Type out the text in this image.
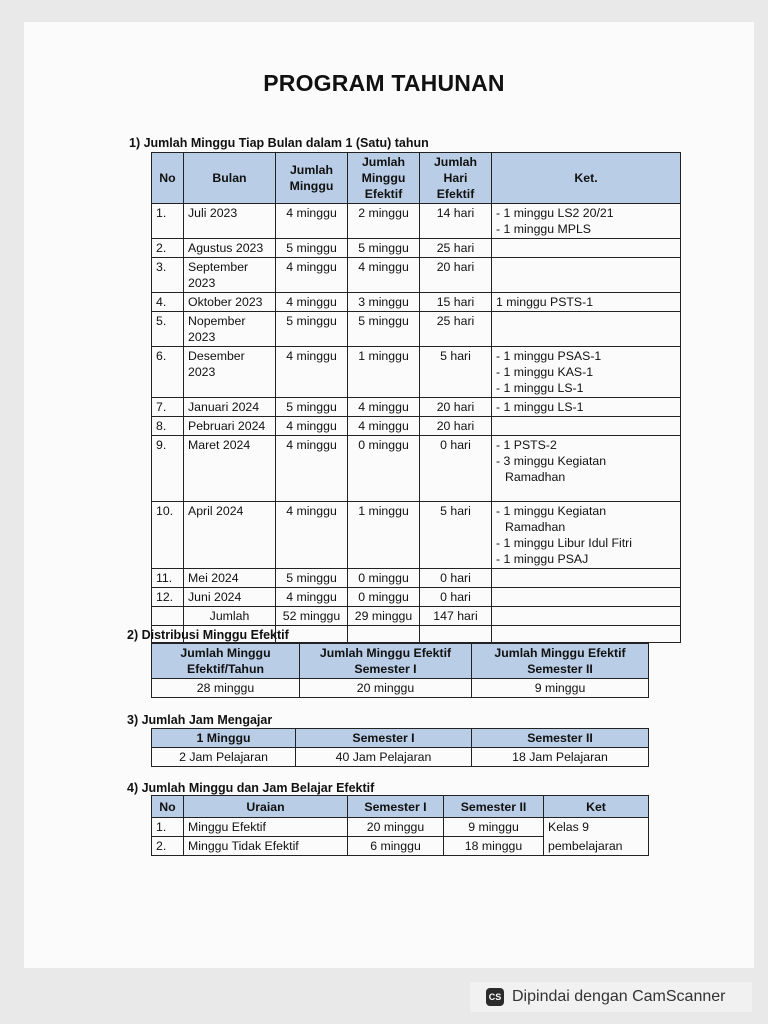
PROGRAM TAHUNAN
1) Jumlah Minggu Tiap Bulan dalam 1 (Satu) tahun
No	Bulan	Jumlah Minggu	Jumlah Minggu Efektif	Jumlah Hari Efektif	Ket.
1.	Juli 2023	4 minggu	2 minggu	14 hari	- 1 minggu LS2 20/21
- 1 minggu MPLS

2.	Agustus 2023	5 minggu	5 minggu	25 hari	
3.	September 2023	4 minggu	4 minggu	20 hari	
4.	Oktober 2023	4 minggu	3 minggu	15 hari	1 minggu PSTS-1

5.	Nopember 2023	5 minggu	5 minggu	25 hari	
6.	Desember 2023	4 minggu	1 minggu	5 hari	- 1 minggu PSAS-1
- 1 minggu KAS-1
- 1 minggu LS-1

7.	Januari 2024	5 minggu	4 minggu	20 hari	- 1 minggu LS-1

8.	Pebruari 2024	4 minggu	4 minggu	20 hari	
9.	Maret 2024	4 minggu	0 minggu	0 hari	- 1 PSTS-2
- 3 minggu Kegiatan
Ramadhan

10.	April 2024	4 minggu	1 minggu	5 hari	- 1 minggu Kegiatan
Ramadhan
- 1 minggu Libur Idul Fitri
- 1 minggu PSAJ

11.	Mei 2024	5 minggu	0 minggu	0 hari	
12.	Juni 2024	4 minggu	0 minggu	0 hari	
	Jumlah	52 minggu	29 minggu	147 hari	

2) Distribusi Minggu Efektif
Jumlah Minggu Efektif/Tahun	Jumlah Minggu Efektif Semester I	Jumlah Minggu Efektif Semester II
28 minggu	20 minggu	9 minggu
3) Jumlah Jam Mengajar
1 Minggu	Semester I	Semester II
2 Jam Pelajaran	40 Jam Pelajaran	18 Jam Pelajaran
4) Jumlah Minggu dan Jam Belajar Efektif
No	Uraian	Semester I	Semester II	Ket
1.	Minggu Efektif	20 minggu	9 minggu	Kelas 9
2.	Minggu Tidak Efektif	6 minggu	18 minggu	pembelajaran
CS Dipindai dengan CamScanner
